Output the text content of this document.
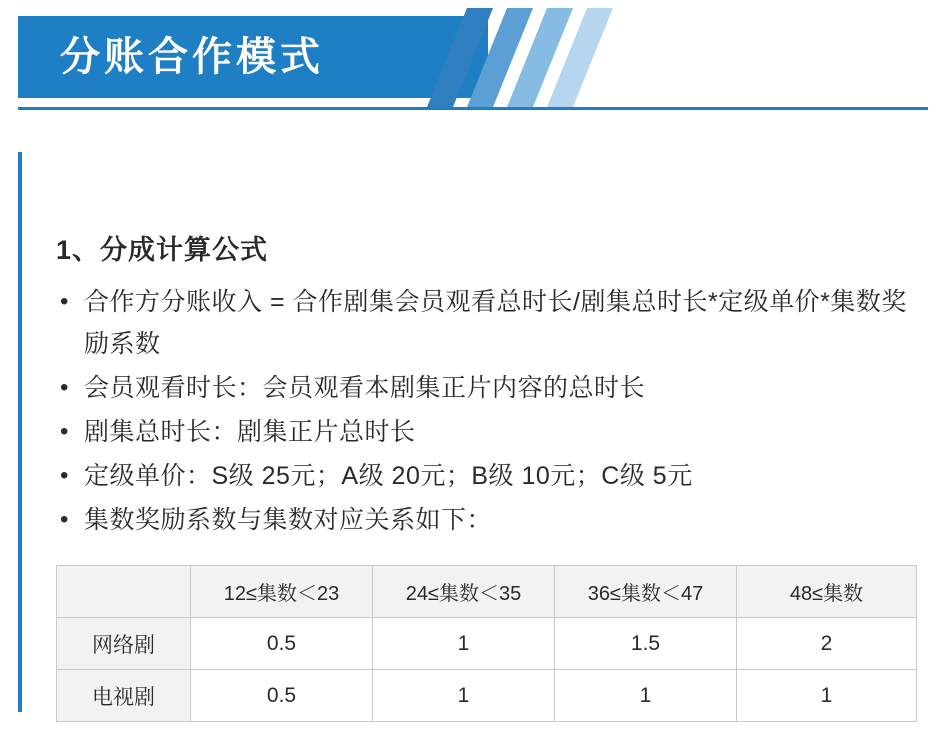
分账合作模式
1、分成计算公式
• 合作方分账收入 = 合作剧集会员观看总时长/剧集总时长*定级单价*集数奖励系数
• 会员观看时长：会员观看本剧集正片内容的总时长
• 剧集总时长：剧集正片总时长
• 定级单价：S级 25元；A级 20元；B级 10元；C级 5元
• 集数奖励系数与集数对应关系如下：
	12≤集数＜23	24≤集数＜35	36≤集数＜47	48≤集数
网络剧	0.5	1	1.5	2
电视剧	0.5	1	1	1
